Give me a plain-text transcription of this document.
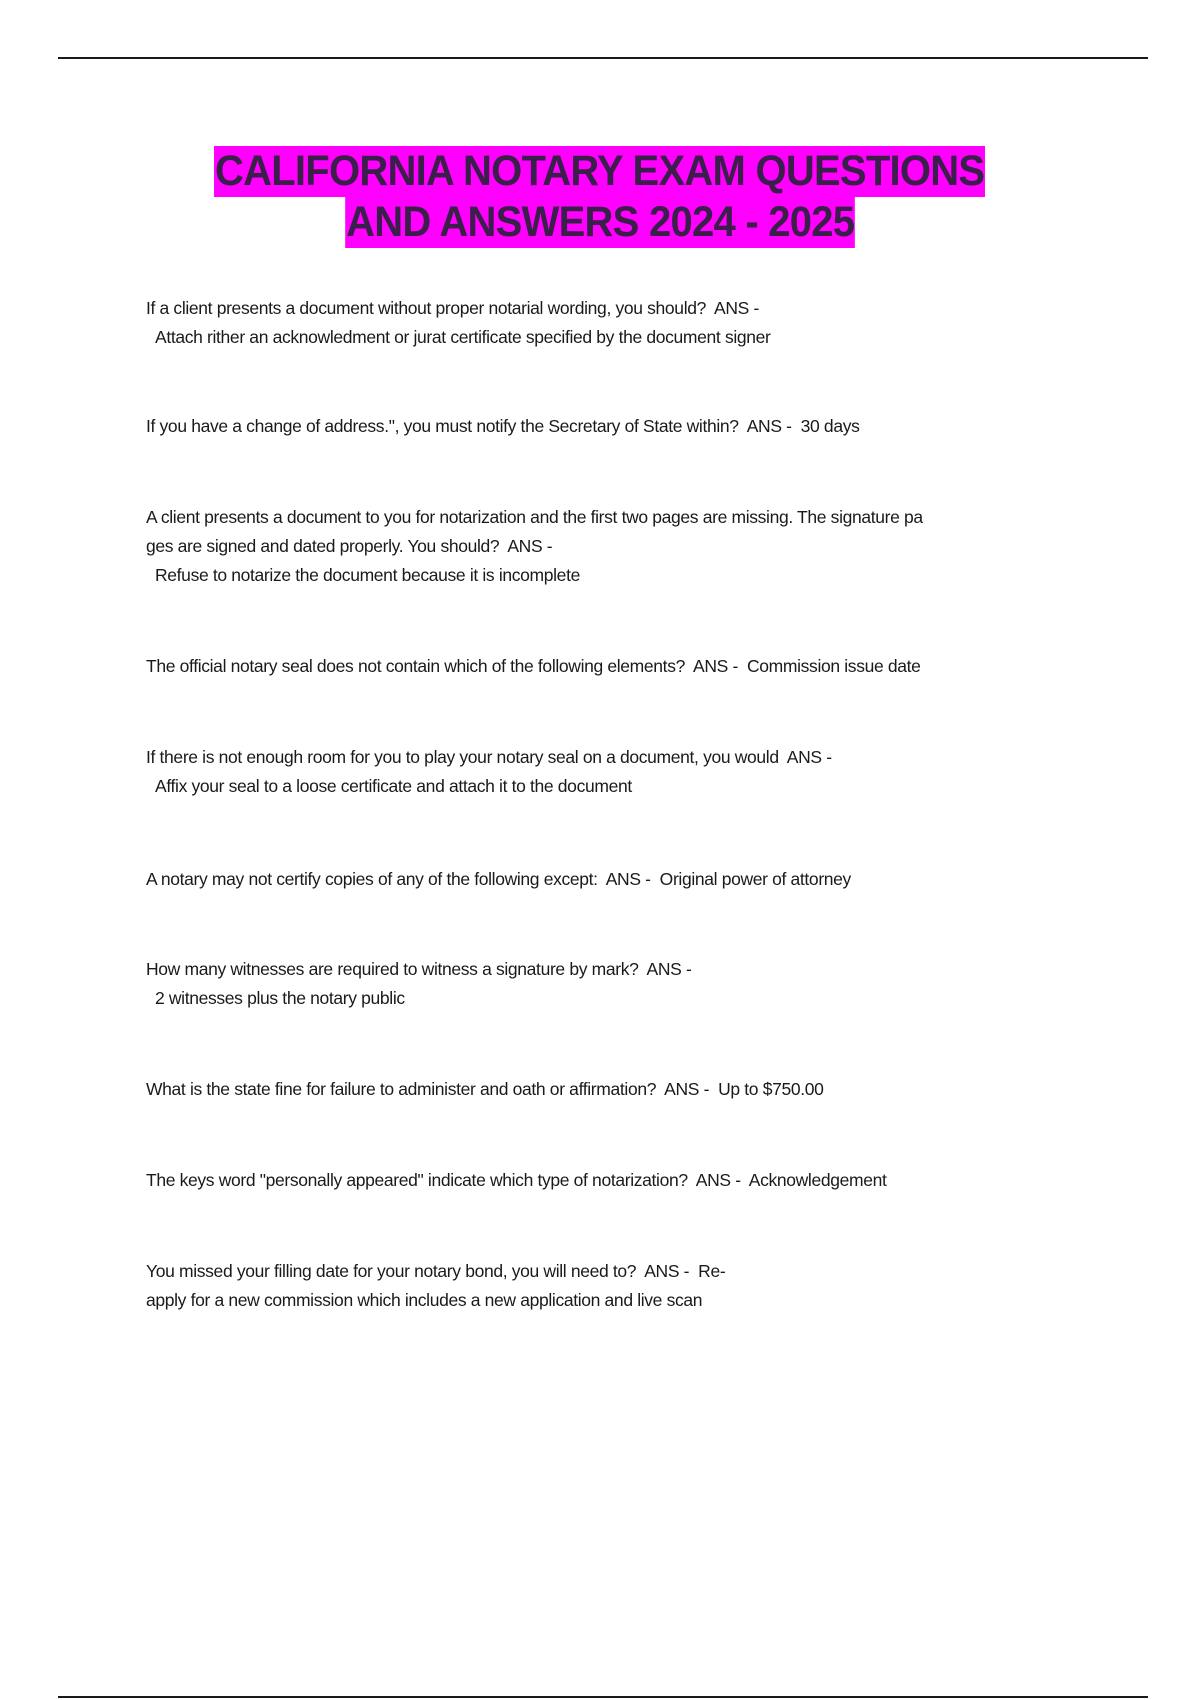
CALIFORNIA NOTARY EXAM QUESTIONS
AND ANSWERS 2024 - 2025
If a client presents a document without proper notarial wording, you should?  ANS -
Attach rither an acknowledment or jurat certificate specified by the document signer
If you have a change of address.", you must notify the Secretary of State within?  ANS -  30 days
A client presents a document to you for notarization and the first two pages are missing. The signature pa
ges are signed and dated properly. You should?  ANS -
Refuse to notarize the document because it is incomplete
The official notary seal does not contain which of the following elements?  ANS -  Commission issue date
If there is not enough room for you to play your notary seal on a document, you would  ANS -
Affix your seal to a loose certificate and attach it to the document
A notary may not certify copies of any of the following except:  ANS -  Original power of attorney
How many witnesses are required to witness a signature by mark?  ANS -
2 witnesses plus the notary public
What is the state fine for failure to administer and oath or affirmation?  ANS -  Up to $750.00
The keys word "personally appeared" indicate which type of notarization?  ANS -  Acknowledgement
You missed your filling date for your notary bond, you will need to?  ANS -  Re-
apply for a new commission which includes a new application and live scan
